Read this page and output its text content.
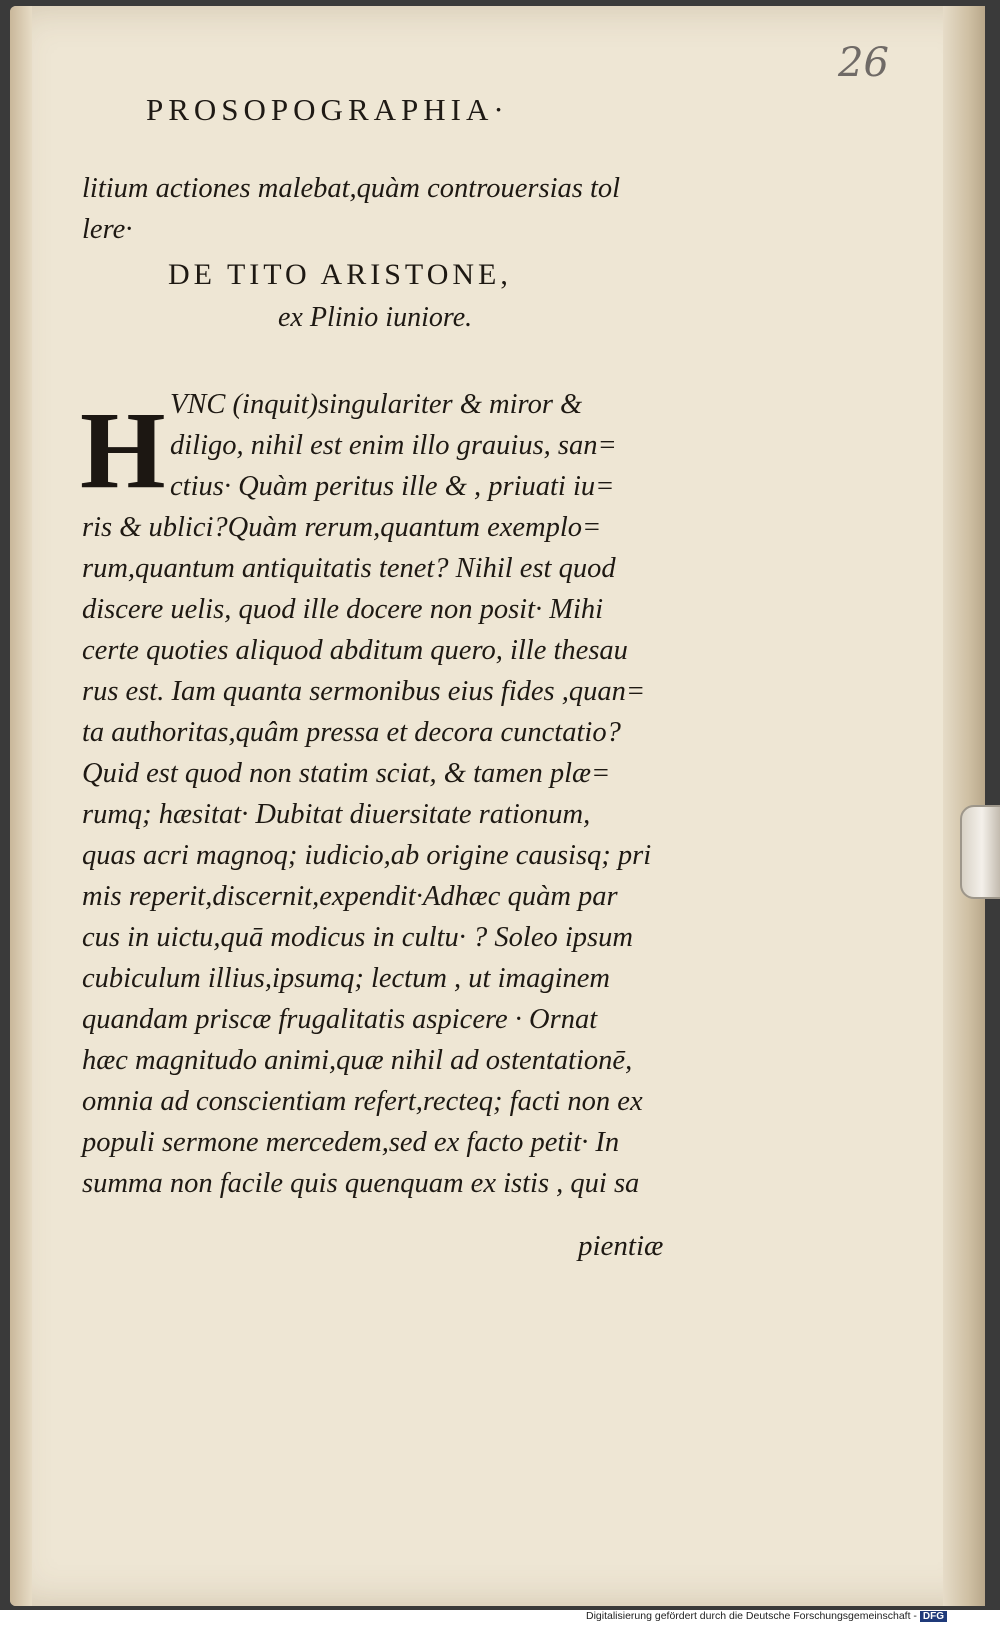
26
PROSOPOGRAPHIA·
litium actiones malebat,quàm controuersias tol
lere·
DE TITO ARISTONE,
ex Plinio iuniore.
H VNC (inquit)singulariter & miror &
diligo, nihil est enim illo grauius, san=
ctius· Quàm peritus ille & , priuati iu=
ris & ublici?Quàm rerum,quantum exemplo=
rum,quantum antiquitatis tenet? Nihil est quod
discere uelis, quod ille docere non posit· Mihi
certe quoties aliquod abditum quero, ille thesau
rus est. Iam quanta sermonibus eius fides ,quan=
ta authoritas,quâm pressa et decora cunctatio?
Quid est quod non statim sciat, & tamen plæ=
rumq; hæsitat· Dubitat diuersitate rationum,
quas acri magnoq; iudicio,ab origine causisq; pri
mis reperit,discernit,expendit·Adhæc quàm par
cus in uictu,quā modicus in cultu· ? Soleo ipsum
cubiculum illius,ipsumq; lectum , ut imaginem
quandam priscæ frugalitatis aspicere · Ornat
hæc magnitudo animi,quæ nihil ad ostentationē,
omnia ad conscientiam refert,recteq; facti non ex
populi sermone mercedem,sed ex facto petit· In
summa non facile quis quenquam ex istis , qui sa
pientiæ
Digitalisierung gefördert durch die Deutsche Forschungsgemeinschaft - DFG
